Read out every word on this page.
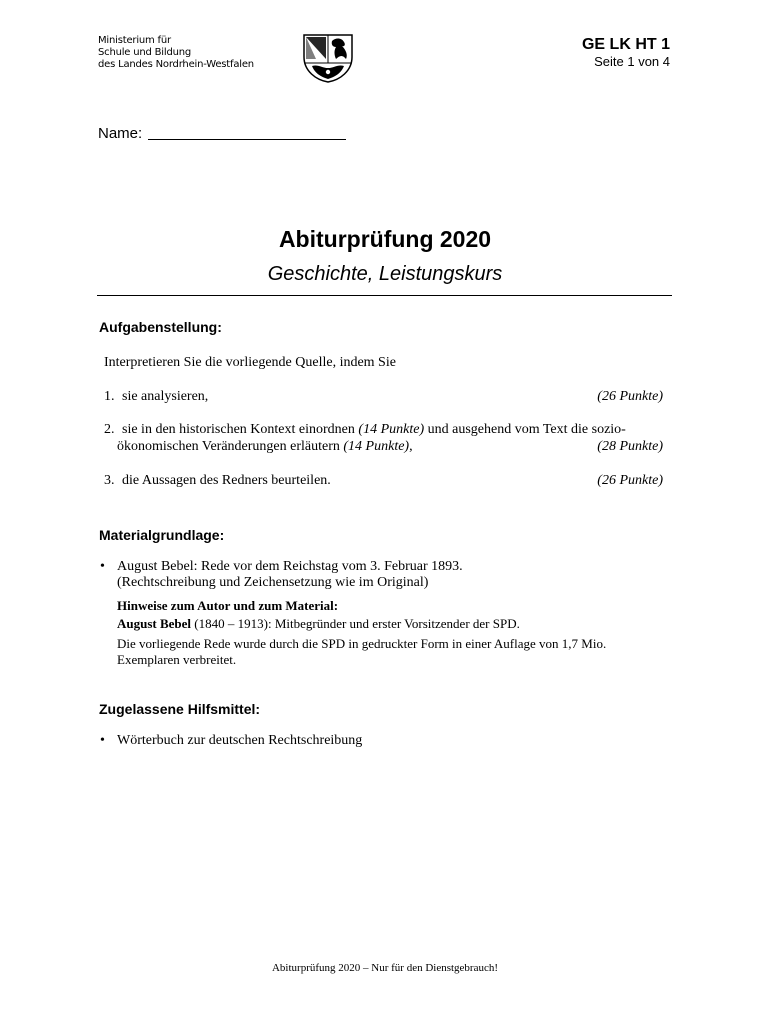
Ministerium für
Schule und Bildung
des Landes Nordrhein-Westfalen
GE LK HT 1
Seite 1 von 4
Name:
Abiturprüfung 2020
Geschichte, Leistungskurs
Aufgabenstellung:
Interpretieren Sie die vorliegende Quelle, indem Sie
1. sie analysieren,	(26 Punkte)
2. sie in den historischen Kontext einordnen (14 Punkte) und ausgehend vom Text die sozio-
ökonomischen Veränderungen erläutern (14 Punkte),	(28 Punkte)
3. die Aussagen des Redners beurteilen.	(26 Punkte)
Materialgrundlage:
• August Bebel: Rede vor dem Reichstag vom 3. Februar 1893.
(Rechtschreibung und Zeichensetzung wie im Original)
Hinweise zum Autor und zum Material:
August Bebel (1840 – 1913): Mitbegründer und erster Vorsitzender der SPD.
Die vorliegende Rede wurde durch die SPD in gedruckter Form in einer Auflage von 1,7 Mio.
Exemplaren verbreitet.
Zugelassene Hilfsmittel:
• Wörterbuch zur deutschen Rechtschreibung
Abiturprüfung 2020 – Nur für den Dienstgebrauch!
